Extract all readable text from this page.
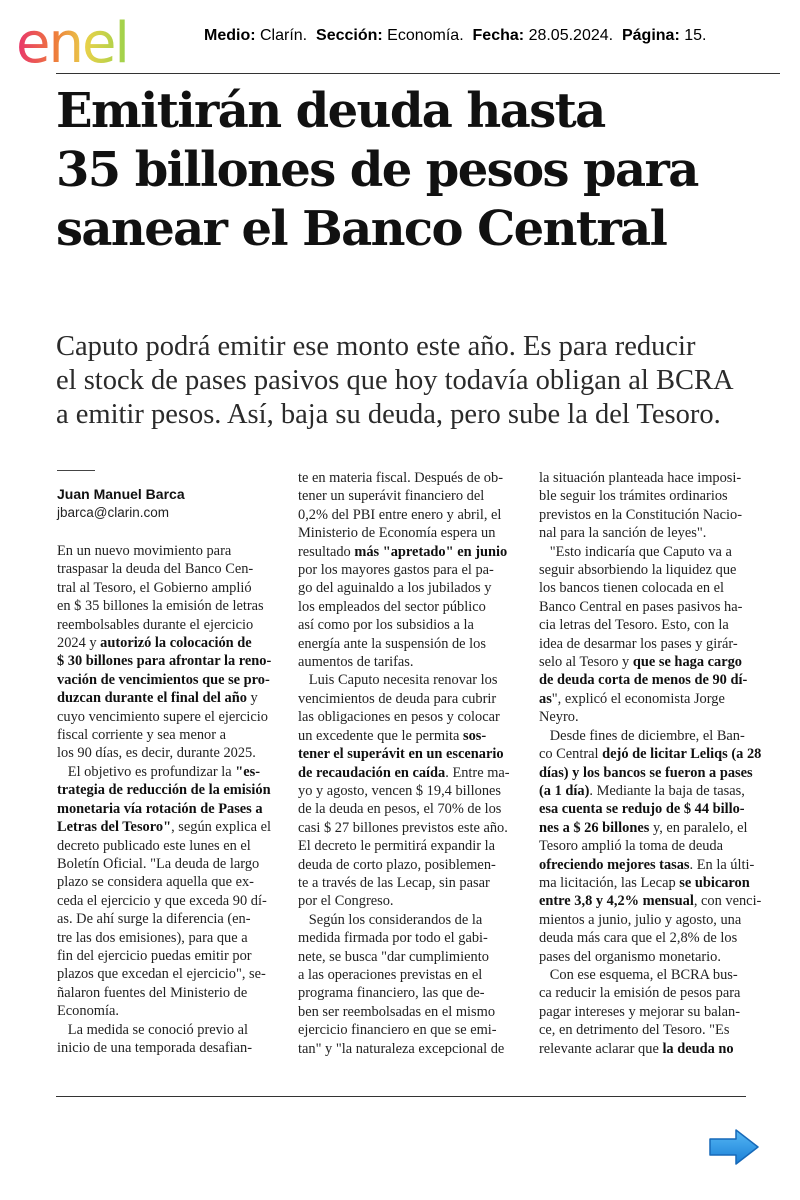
enel	Medio: Clarín. Sección: Economía. Fecha: 28.05.2024. Página: 15.
Emitirán deuda hasta
35 billones de pesos para
sanear el Banco Central

Caputo podrá emitir ese monto este año. Es para reducir
el stock de pases pasivos que hoy todavía obligan al BCRA
a emitir pesos. Así, baja su deuda, pero sube la del Tesoro.

Juan Manuel Barca
jbarca@clarin.com
En un nuevo movimiento para
traspasar la deuda del Banco Cen-
tral al Tesoro, el Gobierno amplió
en $ 35 billones la emisión de letras
reembolsables durante el ejercicio
2024 y autorizó la colocación de
$ 30 billones para afrontar la reno-
vación de vencimientos que se pro-
duzcan durante el final del año y
cuyo vencimiento supere el ejercicio
fiscal corriente y sea menor a
los 90 días, es decir, durante 2025.
El objetivo es profundizar la "es-
trategia de reducción de la emisión
monetaria vía rotación de Pases a
Letras del Tesoro", según explica el
decreto publicado este lunes en el
Boletín Oficial. "La deuda de largo
plazo se considera aquella que ex-
ceda el ejercicio y que exceda 90 dí-
as. De ahí surge la diferencia (en-
tre las dos emisiones), para que a
fin del ejercicio puedas emitir por
plazos que excedan el ejercicio", se-
ñalaron fuentes del Ministerio de
Economía.
La medida se conoció previo al
inicio de una temporada desafian-
te en materia fiscal. Después de ob-
tener un superávit financiero del
0,2% del PBI entre enero y abril, el
Ministerio de Economía espera un
resultado más "apretado" en junio
por los mayores gastos para el pa-
go del aguinaldo a los jubilados y
los empleados del sector público
así como por los subsidios a la
energía ante la suspensión de los
aumentos de tarifas.
Luis Caputo necesita renovar los
vencimientos de deuda para cubrir
las obligaciones en pesos y colocar
un excedente que le permita sos-
tener el superávit en un escenario
de recaudación en caída. Entre ma-
yo y agosto, vencen $ 19,4 billones
de la deuda en pesos, el 70% de los
casi $ 27 billones previstos este año.
El decreto le permitirá expandir la
deuda de corto plazo, posiblemen-
te a través de las Lecap, sin pasar
por el Congreso.
Según los considerandos de la
medida firmada por todo el gabi-
nete, se busca "dar cumplimiento
a las operaciones previstas en el
programa financiero, las que de-
ben ser reembolsadas en el mismo
ejercicio financiero en que se emi-
tan" y "la naturaleza excepcional de
la situación planteada hace imposi-
ble seguir los trámites ordinarios
previstos en la Constitución Nacio-
nal para la sanción de leyes".
"Esto indicaría que Caputo va a
seguir absorbiendo la liquidez que
los bancos tienen colocada en el
Banco Central en pases pasivos ha-
cia letras del Tesoro. Esto, con la
idea de desarmar los pases y girár-
selo al Tesoro y que se haga cargo
de deuda corta de menos de 90 dí-
as", explicó el economista Jorge
Neyro.
Desde fines de diciembre, el Ban-
co Central dejó de licitar Leliqs (a 28
días) y los bancos se fueron a pases
(a 1 día). Mediante la baja de tasas,
esa cuenta se redujo de $ 44 billo-
nes a $ 26 billones y, en paralelo, el
Tesoro amplió la toma de deuda
ofreciendo mejores tasas. En la últi-
ma licitación, las Lecap se ubicaron
entre 3,8 y 4,2% mensual, con venci-
mientos a junio, julio y agosto, una
deuda más cara que el 2,8% de los
pases del organismo monetario.
Con ese esquema, el BCRA bus-
ca reducir la emisión de pesos para
pagar intereses y mejorar su balan-
ce, en detrimento del Tesoro. "Es
relevante aclarar que la deuda no
